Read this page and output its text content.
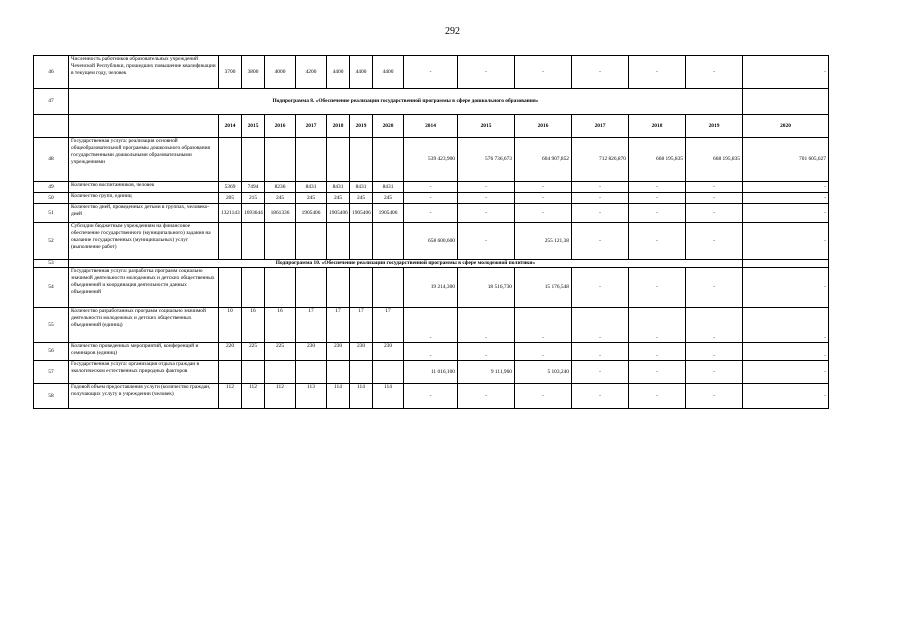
292
46	Численность работников образовательных учреждений Чеченской Республики, прошедших повышение квалификации в текущем году, человек	3700	3800	4000	4200	4400	4400	4400	-	-	-	-	-	-	-
47	Подпрограмма 8. «Обеспечение реализации государственной программы в сфере дошкольного образования»														
		2014	2015	2016	2017	2018	2019	2020	2014	2015	2016	2017	2018	2019	2020
48	Государственная услуга: реализация основной общеобразовательной программы дошкольного образования государственными дошкольными образовательными учреждениями								539 423,900	576 736,673	604 907,852	712 826,870	668 195,835	668 195,835	701 605,627
49	Количество воспитанников, человек	5369	7494	8236	8431	8431	8431	8431	-	-	-	-	-	-	-
50	Количество групп, единиц	205	215	245	245	245	245	245	-	-	-	-	-	-	-
51	Количество дней, проведенных детьми в группах, человеко-дней	1321143	1693644	1861336	1905406	1905406	1905406	1905406	-	-	-	-	-	-	-
52	Субсидии бюджетным учреждениям на финансовое обеспечение государственного (муниципального) задания на оказание государственных (муниципальных) услуг (выполнение работ)								658 600,600	-	255 121,38	-	-	-	-
53	Подпрограмма 10. «Обеспечение реализации государственной программы в сфере молодежной политики»														
54	Государственная услуга: разработка программ социально значимой деятельности молодежных и детских общественных объединений и координация деятельности данных объединений								19 214,300	18 516,730	15 176,548	-	-	-	-
55	Количество разработанных программ социально значимой деятельности молодежных и детских общественных объединений (единиц)	10	16	16	17	17	17	17	-	-	-	-	-	-	-
56	Количество проведенных мероприятий, конференций и семинаров (единиц)	220	225	225	230	230	230	230	-	-	-	-	-	-	-
57	Государственная услуга: организация отдыха граждан в экологическом естественных природных факторов								11 016,100	9 111,960	5 103,240	-	-	-	-
58	Годовой объем предоставления услуги (количество граждан, получающих услугу в учреждении (человек)	112	112	112	113	114	114	114	-	-	-	-	-	-	-
